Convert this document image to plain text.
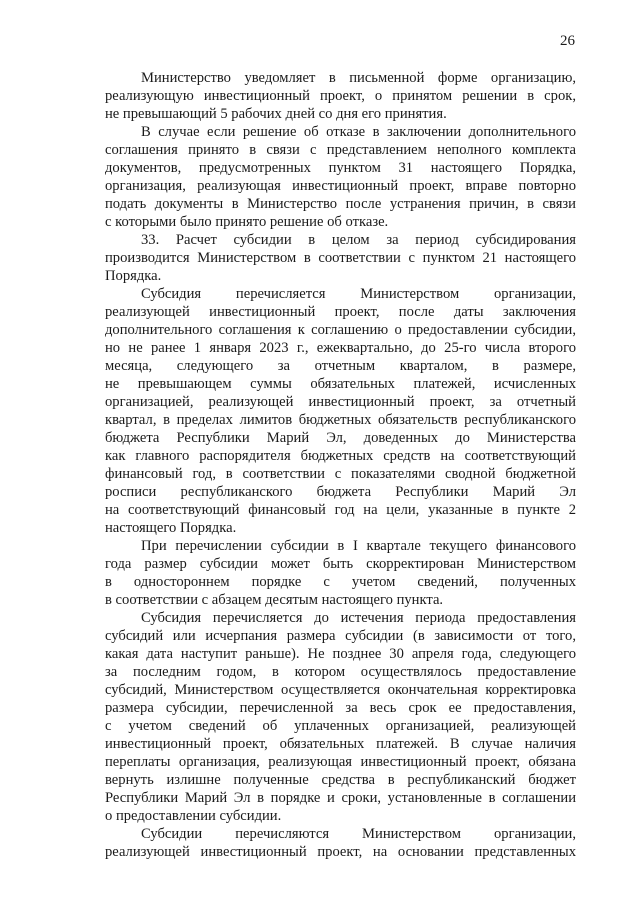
26
Министерство уведомляет в письменной форме организацию,
реализующую инвестиционный проект, о принятом решении в срок,
не превышающий 5 рабочих дней со дня его принятия.
В случае если решение об отказе в заключении дополнительного
соглашения принято в связи с представлением неполного комплекта
документов, предусмотренных пунктом 31 настоящего Порядка,
организация, реализующая инвестиционный проект, вправе повторно
подать документы в Министерство после устранения причин, в связи
с которыми было принято решение об отказе.
33. Расчет субсидии в целом за период субсидирования
производится Министерством в соответствии с пунктом 21 настоящего
Порядка.
Субсидия перечисляется Министерством организации,
реализующей инвестиционный проект, после даты заключения
дополнительного соглашения к соглашению о предоставлении субсидии,
но не ранее 1 января 2023 г., ежеквартально, до 25-го числа второго
месяца, следующего за отчетным кварталом, в размере,
не превышающем суммы обязательных платежей, исчисленных
организацией, реализующей инвестиционный проект, за отчетный
квартал, в пределах лимитов бюджетных обязательств республиканского
бюджета Республики Марий Эл, доведенных до Министерства
как главного распорядителя бюджетных средств на соответствующий
финансовый год, в соответствии с показателями сводной бюджетной
росписи республиканского бюджета Республики Марий Эл
на соответствующий финансовый год на цели, указанные в пункте 2
настоящего Порядка.
При перечислении субсидии в I квартале текущего финансового
года размер субсидии может быть скорректирован Министерством
в одностороннем порядке с учетом сведений, полученных
в соответствии с абзацем десятым настоящего пункта.
Субсидия перечисляется до истечения периода предоставления
субсидий или исчерпания размера субсидии (в зависимости от того,
какая дата наступит раньше). Не позднее 30 апреля года, следующего
за последним годом, в котором осуществлялось предоставление
субсидий, Министерством осуществляется окончательная корректировка
размера субсидии, перечисленной за весь срок ее предоставления,
с учетом сведений об уплаченных организацией, реализующей
инвестиционный проект, обязательных платежей. В случае наличия
переплаты организация, реализующая инвестиционный проект, обязана
вернуть излишне полученные средства в республиканский бюджет
Республики Марий Эл в порядке и сроки, установленные в соглашении
о предоставлении субсидии.
Субсидии перечисляются Министерством организации,
реализующей инвестиционный проект, на основании представленных
